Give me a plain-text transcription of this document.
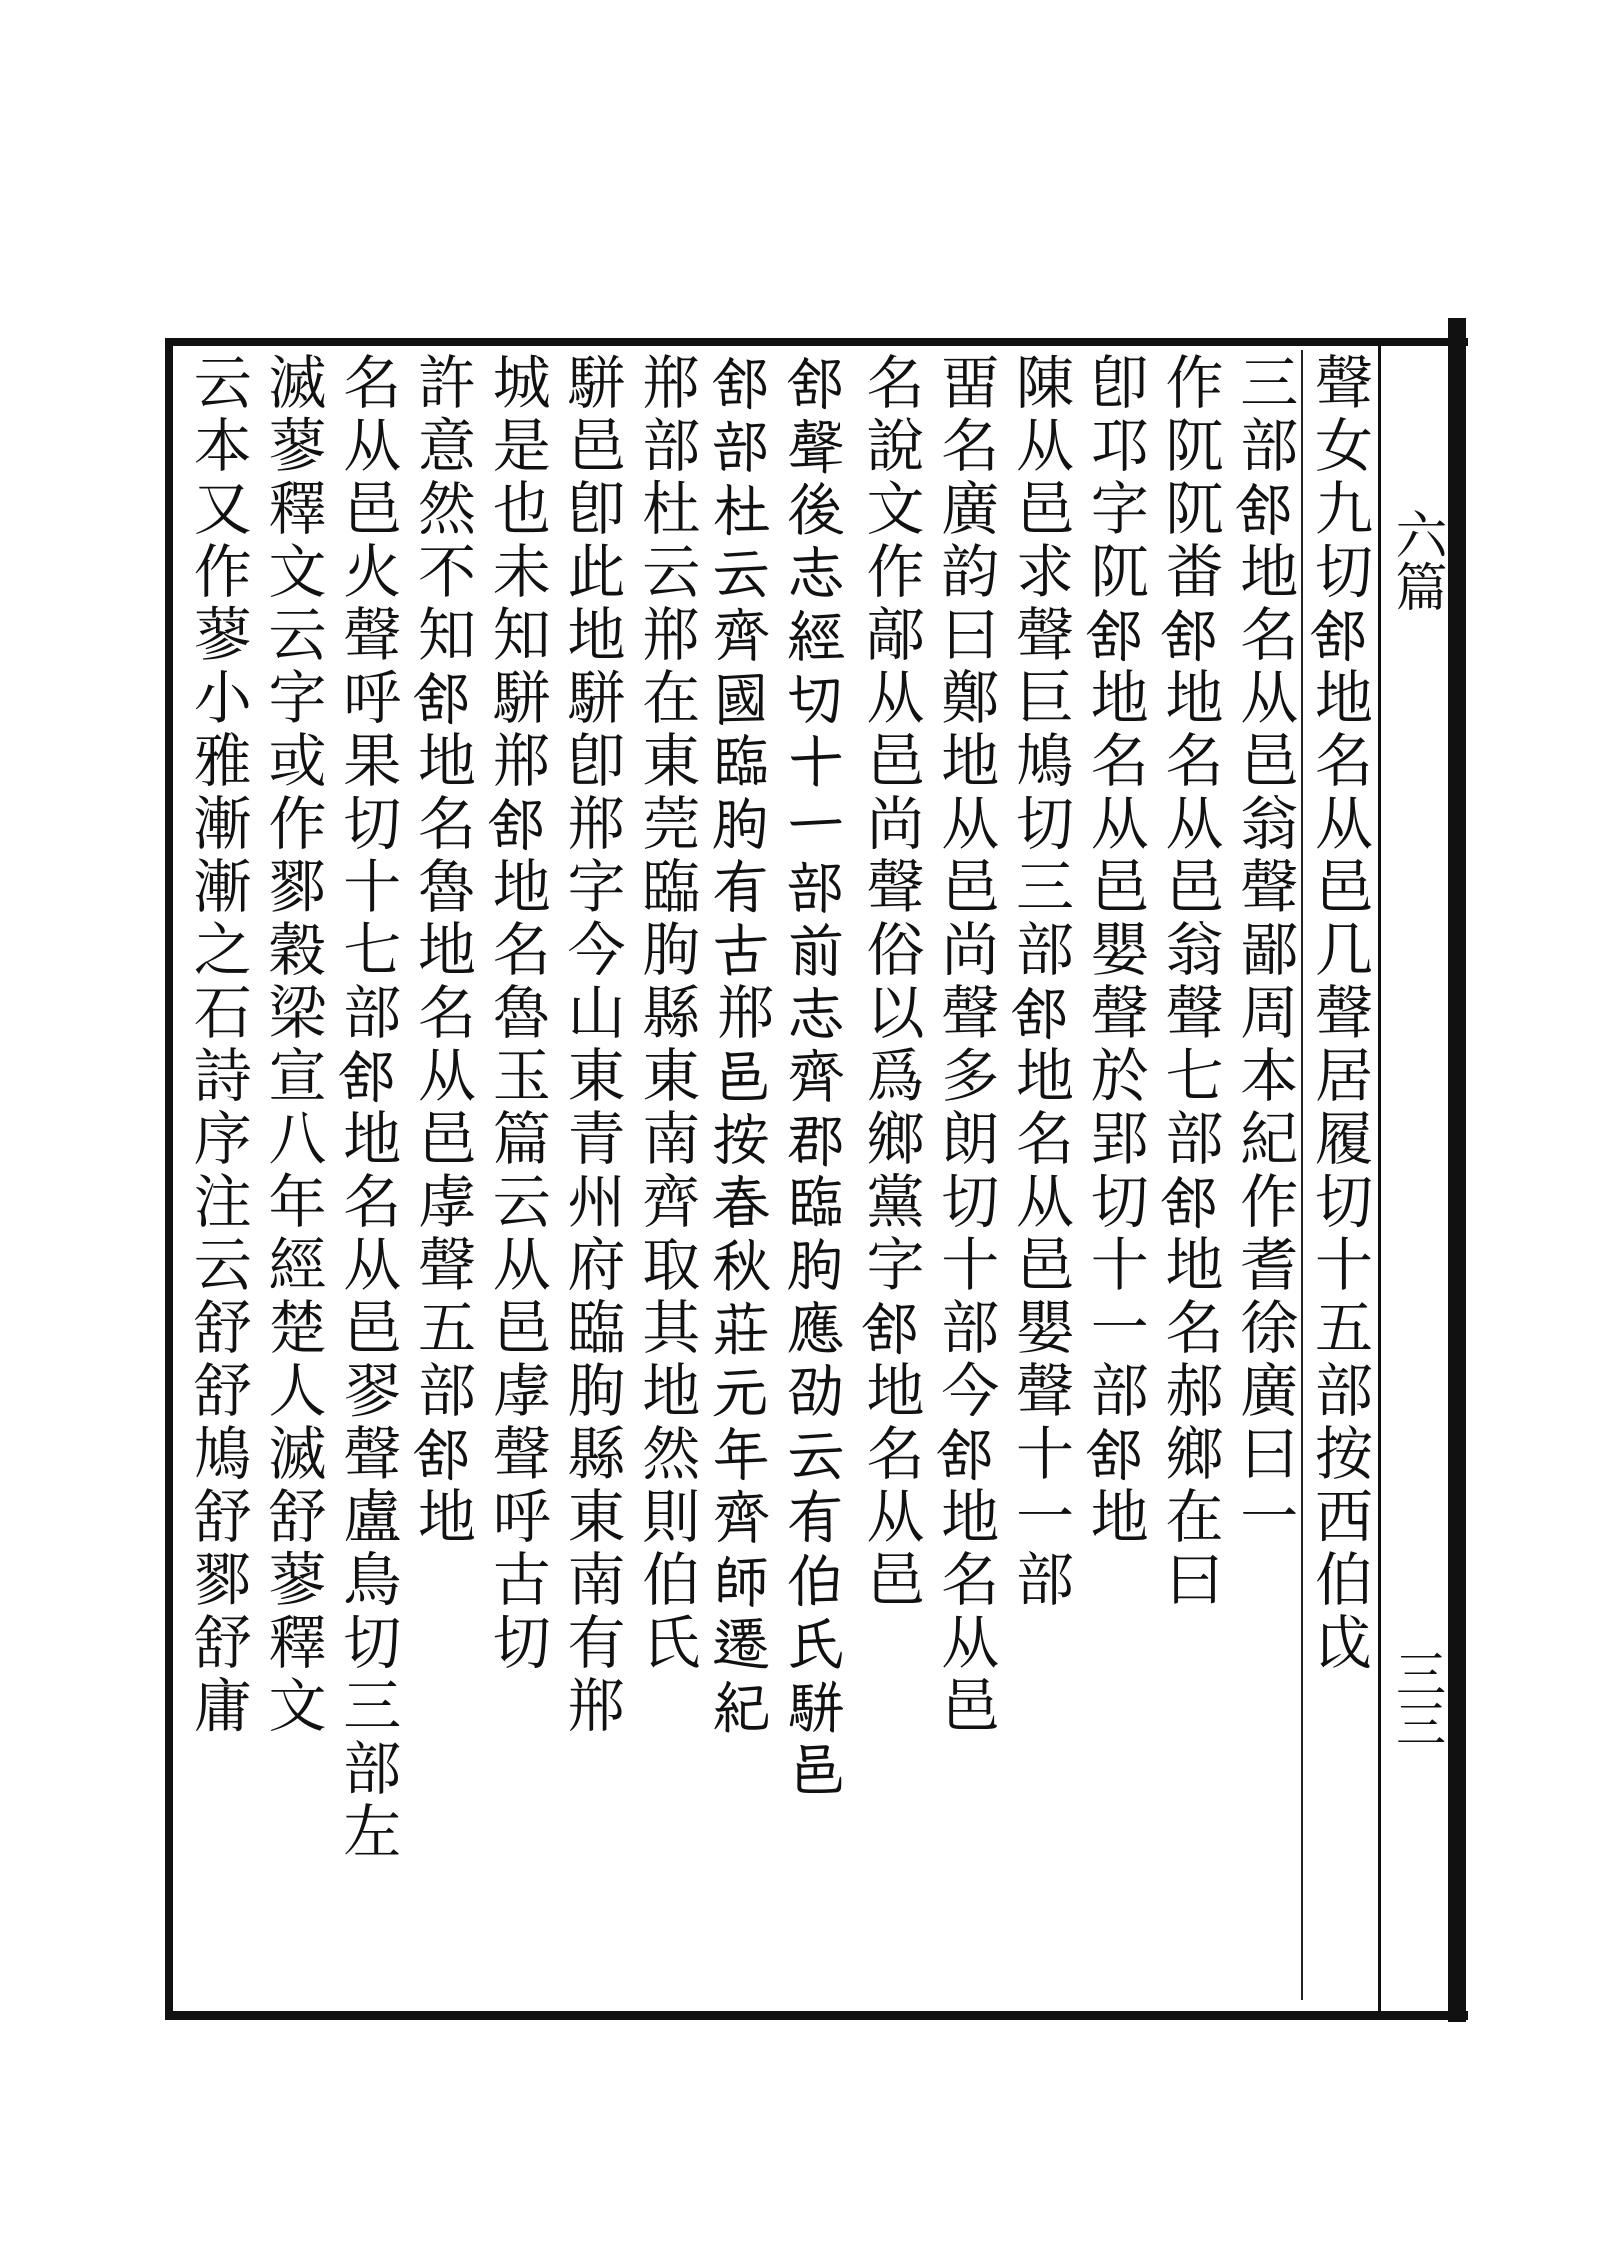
六篇
三三
聲女九切𨛭地名从邑几聲居履切十五部按西伯戉
三部𨛭地名从邑翁聲鄙周本紀作耆徐廣曰一
作阢阢畨𨛭地名从邑翁聲七部𨛭地名郝鄉在曰
卽邛字阢𨛭地名从邑嬰聲於郢切十一部𨛭地
陳从邑求聲巨鳩切三部𨛭地名从邑嬰聲十一部
畱名廣韵曰鄭地从邑尚聲多朗切十部今𨛭地名从邑
名說文作鄗从邑尚聲俗以爲鄉黨字𨛭地名从邑
𨛭聲後志經切十一部前志齊郡臨朐應劭云有伯氏駢邑
𨛭部杜云齊國臨朐有古郱邑按春秋莊元年齊師遷紀
郱部杜云郱在東莞臨朐縣東南齊取其地然則伯氏
駢邑卽此地駢卽郱字今山東青州府臨朐縣東南有郱
城是也未知駢郱𨛭地名魯玉篇云从邑虖聲呼古切
許意然不知𨛭地名魯地名从邑虖聲五部𨛭地
名从邑火聲呼果切十七部𨛭地名从邑翏聲盧鳥切三部左
滅蓼釋文云字或作鄝穀梁宣八年經楚人滅舒蓼釋文
云本又作蓼小雅漸漸之石詩序注云舒舒鳩舒鄝舒庸
